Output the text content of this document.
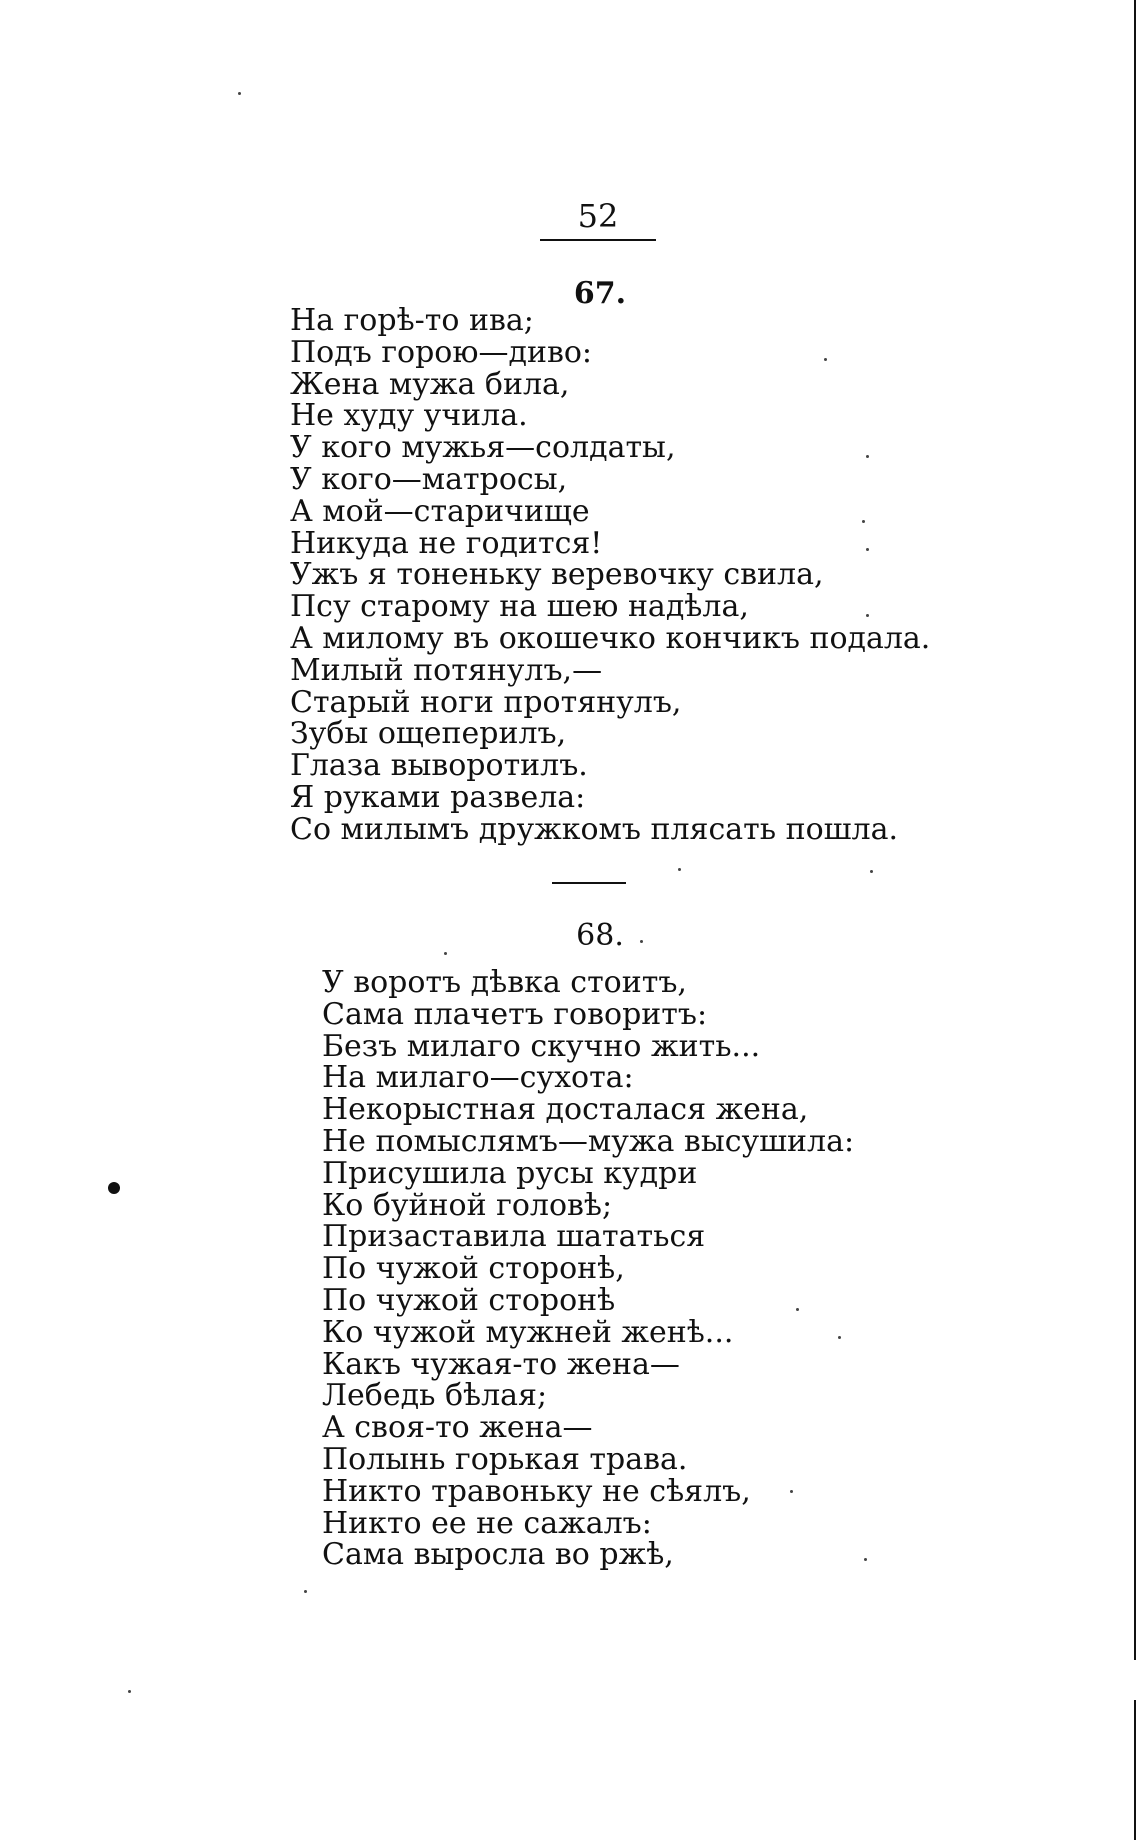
52
67.
На горѣ-то ива;
Подъ горою—диво:
Жена мужа била,
Не худу учила.
У кого мужья—солдаты,
У кого—матросы,
А мой—старичище
Никуда не годится!
Ужъ я тоненьку веревочку свила,
Псу старому на шею надѣла,
А милому въ окошечко кончикъ подала.
Милый потянулъ,—
Старый ноги протянулъ,
Зубы ощеперилъ,
Глаза выворотилъ.
Я руками развела:
Со милымъ дружкомъ плясать пошла.
68.
У воротъ дѣвка стоитъ,
Сама плачетъ говоритъ:
Безъ милаго скучно жить...
На милаго—сухота:
Некорыстная досталася жена,
Не помыслямъ—мужа высушила:
Присушила русы кудри
Ко буйной головѣ;
Призаставила шататься
По чужой сторонѣ,
По чужой сторонѣ
Ко чужой мужней женѣ...
Какъ чужая-то жена—
Лебедь бѣлая;
А своя-то жена—
Полынь горькая трава.
Никто травоньку не сѣялъ,
Никто ее не сажалъ:
Сама выросла во ржѣ,
